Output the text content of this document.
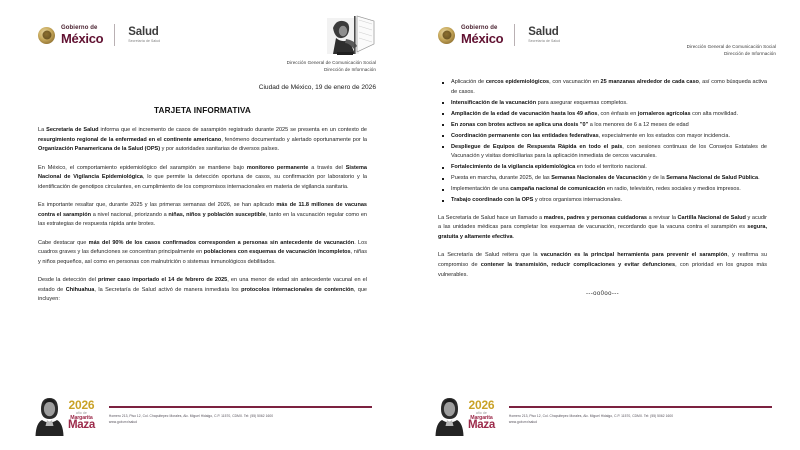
Gobierno de
México Salud
Secretaría de Salud
Dirección General de Comunicación Social
Dirección de Información
Ciudad de México, 19 de enero de 2026
TARJETA INFORMATIVA

La Secretaría de Salud informa que el incremento de casos de sarampión registrado durante 2025 se presenta en un contexto de resurgimiento regional de la enfermedad en el continente americano, fenómeno documentado y alertado oportunamente por la Organización Panamericana de la Salud (OPS) y por autoridades sanitarias de diversos países.

En México, el comportamiento epidemiológico del sarampión se mantiene bajo monitoreo permanente a través del Sistema Nacional de Vigilancia Epidemiológica, lo que permite la detección oportuna de casos, su confirmación por laboratorio y la identificación de genotipos circulantes, en cumplimiento de los compromisos internacionales en materia de vigilancia sanitaria.

Es importante resaltar que, durante 2025 y las primeras semanas del 2026, se han aplicado más de 11.8 millones de vacunas contra el sarampión a nivel nacional, priorizando a niñas, niños y población susceptible, tanto en la vacunación regular como en las estrategias de respuesta rápida ante brotes.

Cabe destacar que más del 90% de los casos confirmados corresponden a personas sin antecedente de vacunación. Los cuadros graves y las defunciones se concentran principalmente en poblaciones con esquemas de vacunación incompletos, niñas y niños pequeños, así como en personas con malnutrición o sistemas inmunológicos debilitados.

Desde la detección del primer caso importado el 14 de febrero de 2025, en una menor de edad sin antecedente vacunal en el estado de Chihuahua, la Secretaría de Salud activó de manera inmediata los protocolos internacionales de contención, que incluyen:

2026
año de
Margarita
Maza
Homero 213, Piso 12, Col. Chapultepec Morales, Alc. Miguel Hidalgo, C.P. 11570, CDMX. Tel: (55) 5062 1600
www.gob.mx/salud
Gobierno de
México Salud
Secretaría de Salud
Dirección General de Comunicación Social
Dirección de Información
Aplicación de cercos epidemiológicos, con vacunación en 25 manzanas alrededor de cada caso, así como búsqueda activa de casos.
Intensificación de la vacunación para asegurar esquemas completos.
Ampliación de la edad de vacunación hasta los 49 años, con énfasis en jornaleros agrícolas con alta movilidad.
En zonas con brotes activos se aplica una dosis "0" a los menores de 6 a 12 meses de edad
Coordinación permanente con las entidades federativas, especialmente en los estados con mayor incidencia.
Despliegue de Equipos de Respuesta Rápida en todo el país, con sesiones continuas de los Consejos Estatales de Vacunación y visitas domiciliarias para la aplicación inmediata de cercos vacunales.
Fortalecimiento de la vigilancia epidemiológica en todo el territorio nacional.
Puesta en marcha, durante 2025, de las Semanas Nacionales de Vacunación y de la Semana Nacional de Salud Pública.
Implementación de una campaña nacional de comunicación en radio, televisión, redes sociales y medios impresos.
Trabajo coordinado con la OPS y otros organismos internacionales.

La Secretaría de Salud hace un llamado a madres, padres y personas cuidadoras a revisar la Cartilla Nacional de Salud y acudir a las unidades médicas para completar los esquemas de vacunación, recordando que la vacuna contra el sarampión es segura, gratuita y altamente efectiva.

La Secretaría de Salud reitera que la vacunación es la principal herramienta para prevenir el sarampión, y reafirma su compromiso de contener la transmisión, reducir complicaciones y evitar defunciones, con prioridad en los grupos más vulnerables.

---oo0oo---
2026
año de
Margarita
Maza
Homero 213, Piso 12, Col. Chapultepec Morales, Alc. Miguel Hidalgo, C.P. 11570, CDMX. Tel: (55) 5062 1600
www.gob.mx/salud
